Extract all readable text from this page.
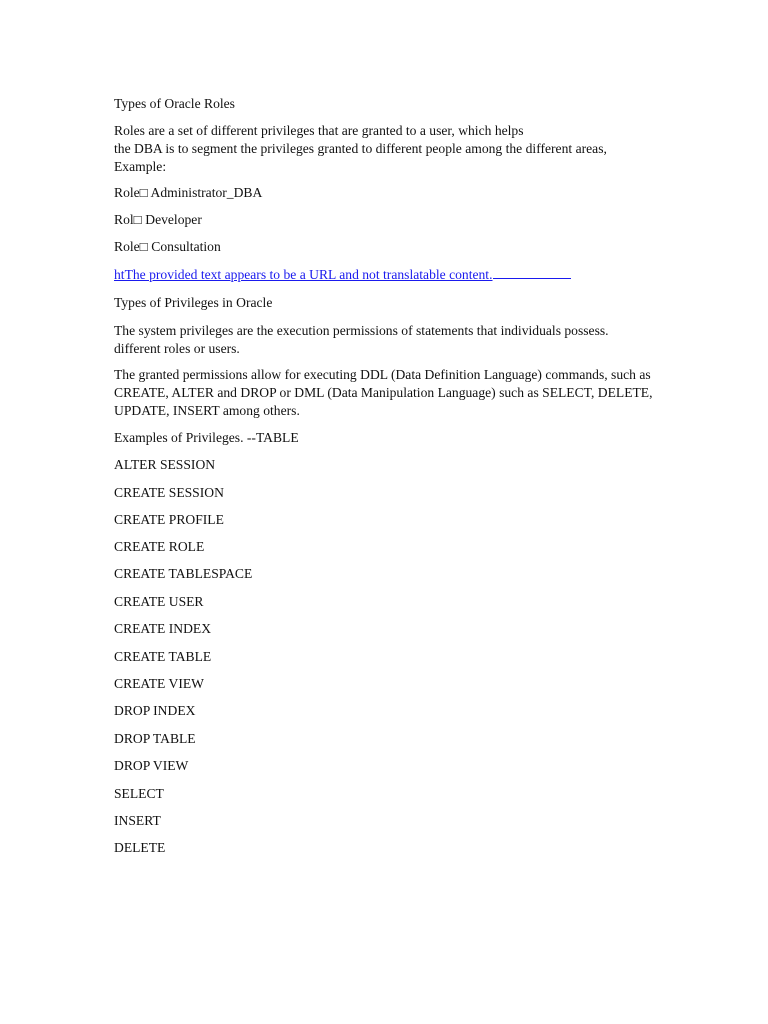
Types of Oracle Roles
Roles are a set of different privileges that are granted to a user, which helps
the DBA is to segment the privileges granted to different people among the different areas,
Example:
Role□ Administrator_DBA
Rol□ Developer
Role□ Consultation
htThe provided text appears to be a URL and not translatable content.
Types of Privileges in Oracle
The system privileges are the execution permissions of statements that individuals possess.
different roles or users.
The granted permissions allow for executing DDL (Data Definition Language) commands, such as
CREATE, ALTER and DROP or DML (Data Manipulation Language) such as SELECT, DELETE,
UPDATE, INSERT among others.
Examples of Privileges. --TABLE
ALTER SESSION
CREATE SESSION
CREATE PROFILE
CREATE ROLE
CREATE TABLESPACE
CREATE USER
CREATE INDEX
CREATE TABLE
CREATE VIEW
DROP INDEX
DROP TABLE
DROP VIEW
SELECT
INSERT
DELETE
